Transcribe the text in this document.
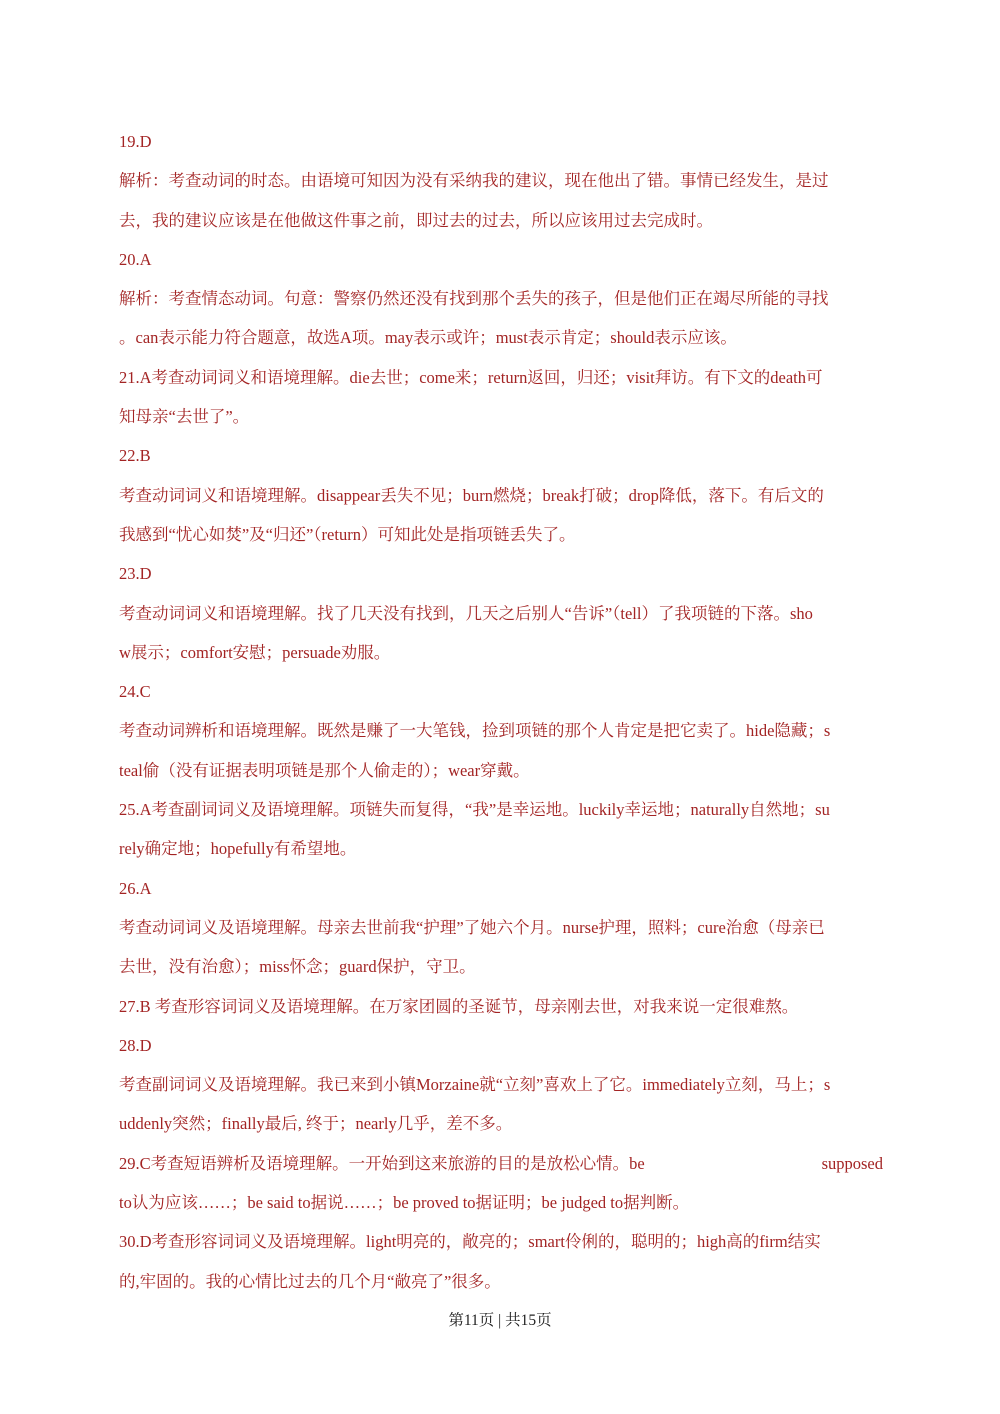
19.D
解析：考查动词的时态。由语境可知因为没有采纳我的建议，现在他出了错。事情已经发生，是过
去，我的建议应该是在他做这件事之前，即过去的过去，所以应该用过去完成时。
20.A
解析：考查情态动词。句意：警察仍然还没有找到那个丢失的孩子，但是他们正在竭尽所能的寻找
。can表示能力符合题意，故选A项。may表示或许；must表示肯定；should表示应该。
21.A考查动词词义和语境理解。die去世；come来；return返回，归还；visit拜访。有下文的death可
知母亲“去世了”。
22.B
考查动词词义和语境理解。disappear丢失不见；burn燃烧；break打破；drop降低，落下。有后文的
我感到“忧心如焚”及“归还”（return）可知此处是指项链丢失了。
23.D
考查动词词义和语境理解。找了几天没有找到，几天之后别人“告诉”（tell）了我项链的下落。sho
w展示；comfort安慰；persuade劝服。
24.C
考查动词辨析和语境理解。既然是赚了一大笔钱，捡到项链的那个人肯定是把它卖了。hide隐藏；s
teal偷（没有证据表明项链是那个人偷走的）；wear穿戴。
25.A考查副词词义及语境理解。项链失而复得，“我”是幸运地。luckily幸运地；naturally自然地；su
rely确定地；hopefully有希望地。
26.A
考查动词词义及语境理解。母亲去世前我“护理”了她六个月。nurse护理，照料；cure治愈（母亲已
去世，没有治愈）；miss怀念；guard保护，守卫。
27.B 考查形容词词义及语境理解。在万家团圆的圣诞节，母亲刚去世，对我来说一定很难熬。
28.D
考查副词词义及语境理解。我已来到小镇Morzaine就“立刻”喜欢上了它。immediately立刻，马上；s
uddenly突然；finally最后, 终于；nearly几乎，差不多。
29.C考查短语辨析及语境理解。一开始到这来旅游的目的是放松心情。be	supposed
to认为应该……；be said to据说……；be proved to据证明；be judged to据判断。
30.D考查形容词词义及语境理解。light明亮的，敞亮的；smart伶俐的，聪明的；high高的firm结实
的,牢固的。我的心情比过去的几个月“敞亮了”很多。
第11页 | 共15页
